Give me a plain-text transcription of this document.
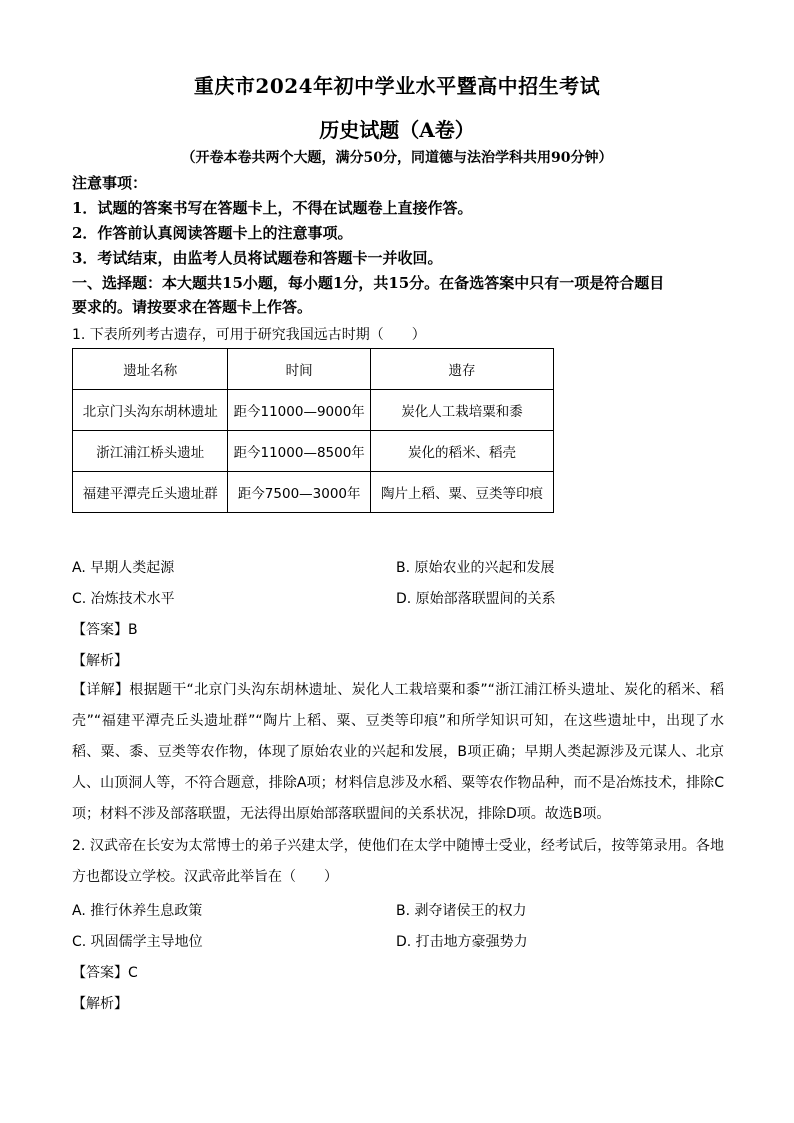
重庆市2024年初中学业水平暨高中招生考试
历史试题（A卷）
（开卷本卷共两个大题，满分50分，同道德与法治学科共用90分钟）
注意事项：
1．试题的答案书写在答题卡上，不得在试题卷上直接作答。
2．作答前认真阅读答题卡上的注意事项。
3．考试结束，由监考人员将试题卷和答题卡一并收回。
一、选择题：本大题共15小题，每小题1分，共15分。在备选答案中只有一项是符合题目
要求的。请按要求在答题卡上作答。
1. 下表所列考古遗存，可用于研究我国远古时期（　　）
遗址名称	时间	遗存
北京门头沟东胡林遗址	距今11000—9000年	炭化人工栽培粟和黍
浙江浦江桥头遗址	距今11000—8500年	炭化的稻米、稻壳
福建平潭壳丘头遗址群	距今7500—3000年	陶片上稻、粟、豆类等印痕
A. 早期人类起源	B. 原始农业的兴起和发展
C. 冶炼技术水平	D. 原始部落联盟间的关系
【答案】B
【解析】
【详解】根据题干“北京门头沟东胡林遗址、炭化人工栽培粟和黍”“浙江浦江桥头遗址、炭化的稻米、稻壳”“福建平潭壳丘头遗址群”“陶片上稻、粟、豆类等印痕”和所学知识可知，在这些遗址中，出现了水稻、粟、黍、豆类等农作物，体现了原始农业的兴起和发展，B项正确；早期人类起源涉及元谋人、北京人、山顶洞人等，不符合题意，排除A项；材料信息涉及水稻、粟等农作物品种，而不是冶炼技术，排除C项；材料不涉及部落联盟，无法得出原始部落联盟间的关系状况，排除D项。故选B项。
2. 汉武帝在长安为太常博士的弟子兴建太学，使他们在太学中随博士受业，经考试后，按等第录用。各地方也都设立学校。汉武帝此举旨在（　　）
A. 推行休养生息政策	B. 剥夺诸侯王的权力
C. 巩固儒学主导地位	D. 打击地方豪强势力
【答案】C
【解析】
